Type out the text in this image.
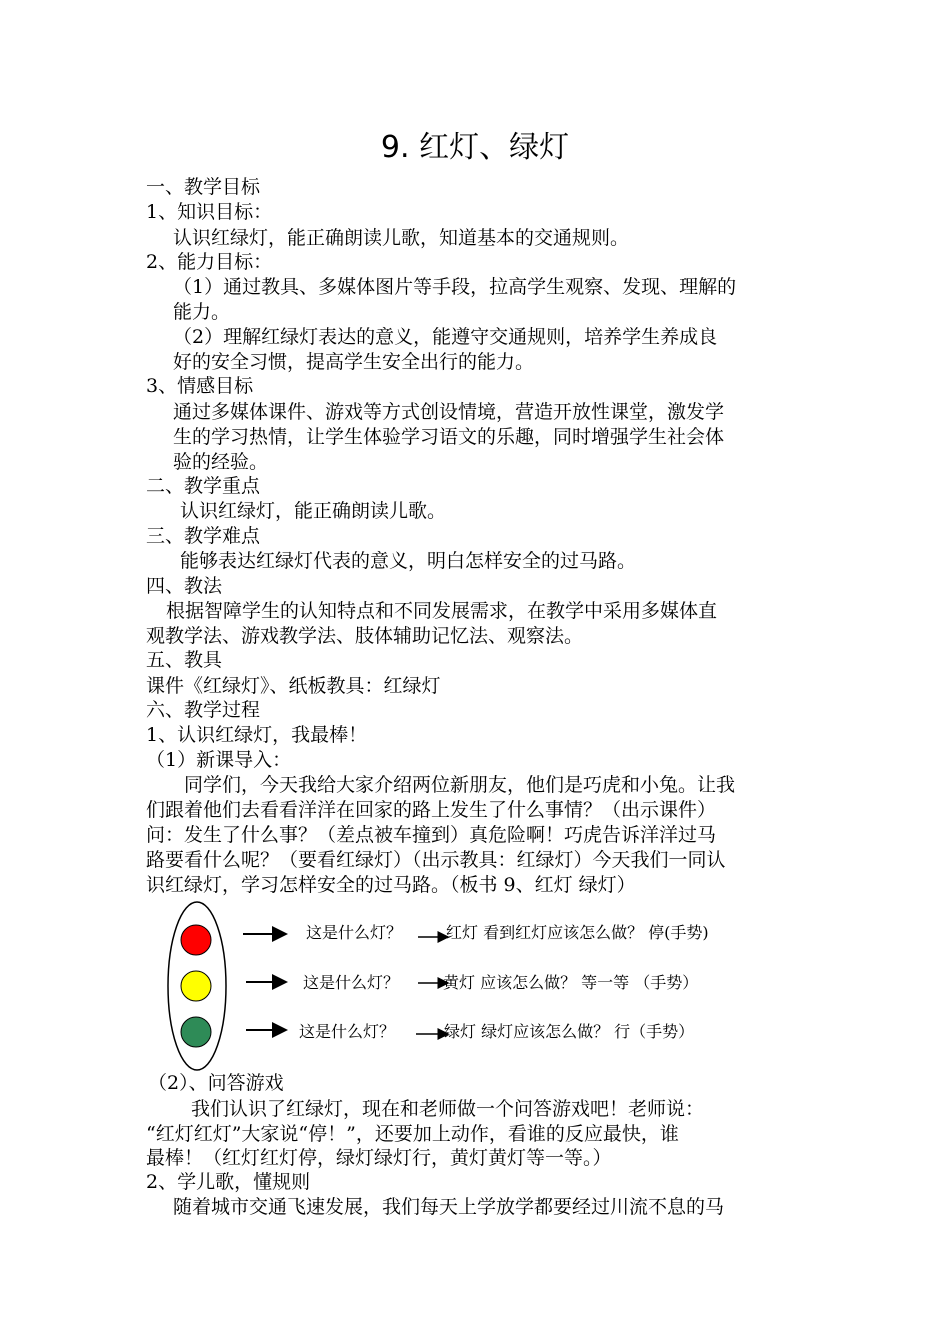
9. 红灯、绿灯
一、教学目标
1、知识目标：
认识红绿灯，能正确朗读儿歌，知道基本的交通规则。
2、能力目标：
（1）通过教具、多媒体图片等手段，拉高学生观察、发现、理解的
能力。
（2）理解红绿灯表达的意义，能遵守交通规则，培养学生养成良
好的安全习惯，提高学生安全出行的能力。
3、情感目标
通过多媒体课件、游戏等方式创设情境，营造开放性课堂，激发学
生的学习热情，让学生体验学习语文的乐趣，同时增强学生社会体
验的经验。
二、教学重点
认识红绿灯，能正确朗读儿歌。
三、教学难点
能够表达红绿灯代表的意义，明白怎样安全的过马路。
四、教法
根据智障学生的认知特点和不同发展需求，在教学中采用多媒体直
观教学法、游戏教学法、肢体辅助记忆法、观察法。
五、教具
课件《红绿灯》、纸板教具：红绿灯
六、教学过程
1、认识红绿灯，我最棒！
（1）新课导入：
同学们，今天我给大家介绍两位新朋友，他们是巧虎和小兔。让我
们跟着他们去看看洋洋在回家的路上发生了什么事情？（出示课件）
问：发生了什么事？（差点被车撞到）真危险啊！巧虎告诉洋洋过马
路要看什么呢？（要看红绿灯）（出示教具：红绿灯）今天我们一同认
识红绿灯，学习怎样安全的过马路。（板书 9、红灯 绿灯）
这是什么灯？	红灯 看到红灯应该怎么做？ 停(手势)
这是什么灯？	黄灯 应该怎么做？ 等一等 （手势）
这是什么灯？	绿灯 绿灯应该怎么做？ 行（手势）
（2）、问答游戏
我们认识了红绿灯，现在和老师做一个问答游戏吧！老师说：
“红灯红灯”大家说“停！”，还要加上动作，看谁的反应最快，谁
最棒！（红灯红灯停，绿灯绿灯行，黄灯黄灯等一等。）
2、学儿歌，懂规则
随着城市交通飞速发展，我们每天上学放学都要经过川流不息的马
